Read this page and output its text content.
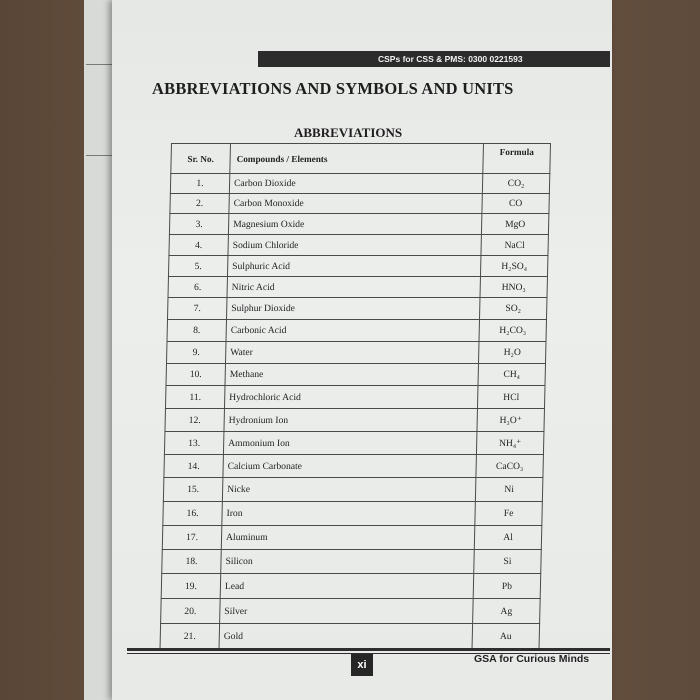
CSPs for CSS & PMS: 0300 0221593
ABBREVIATIONS AND SYMBOLS AND UNITS
ABBREVIATIONS
Sr. No.	Compounds / Elements	Formula
1.	Carbon Dioxide	CO₂
2.	Carbon Monoxide	CO
3.	Magnesium Oxide	MgO
4.	Sodium Chloride	NaCl
5.	Sulphuric Acid	H₂SO₄
6.	Nitric Acid	HNO₃
7.	Sulphur Dioxide	SO₂
8.	Carbonic Acid	H₂CO₃
9.	Water	H₂O
10.	Methane	CH₄
11.	Hydrochloric Acid	HCl
12.	Hydronium Ion	H₃O⁺
13.	Ammonium Ion	NH₄⁺
14.	Calcium Carbonate	CaCO₃
15.	Nicke	Ni
16.	Iron	Fe
17.	Aluminum	Al
18.	Silicon	Si
19.	Lead	Pb
20.	Silver	Ag
21.	Gold	Au
xi	GSA for Curious Minds
